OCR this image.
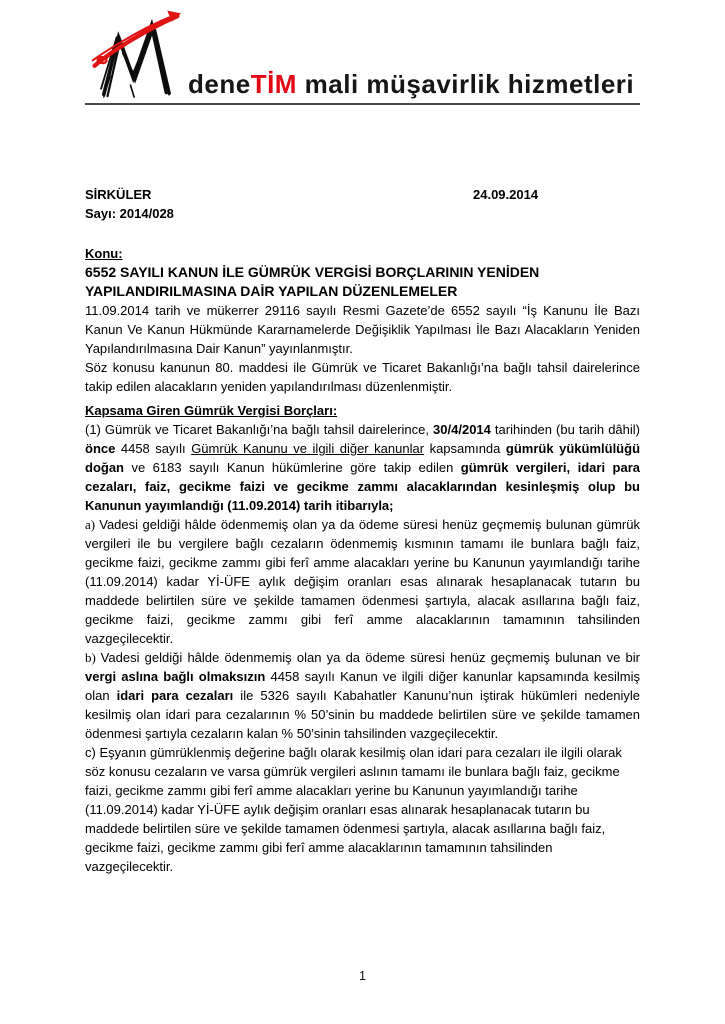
deneTİM mali müşavirlik hizmetleri
SİRKÜLER	24.09.2014
Sayı: 2014/028
Konu:
6552 SAYILI KANUN İLE GÜMRÜK VERGİSİ BORÇLARININ YENİDEN
YAPILANDIRILMASINA DAİR YAPILAN DÜZENLEMELER

11.09.2014 tarih ve mükerrer 29116 sayılı Resmi Gazete’de 6552 sayılı “İş Kanunu İle Bazı Kanun Ve Kanun Hükmünde Kararnamelerde Değişiklik Yapılması İle Bazı Alacakların Yeniden Yapılandırılmasına Dair Kanun” yayınlanmıştır.

Söz konusu kanunun 80. maddesi ile Gümrük ve Ticaret Bakanlığı’na bağlı tahsil dairelerince takip edilen alacakların yeniden yapılandırılması düzenlenmiştir.

Kapsama Giren Gümrük Vergisi Borçları:

(1) Gümrük ve Ticaret Bakanlığı’na bağlı tahsil dairelerince, 30/4/2014 tarihinden (bu tarih dâhil) önce 4458 sayılı Gümrük Kanunu ve ilgili diğer kanunlar kapsamında gümrük yükümlülüğü doğan ve 6183 sayılı Kanun hükümlerine göre takip edilen gümrük vergileri, idari para cezaları, faiz, gecikme faizi ve gecikme zammı alacaklarından kesinleşmiş olup bu Kanunun yayımlandığı (11.09.2014) tarih itibarıyla;

a) Vadesi geldiği hâlde ödenmemiş olan ya da ödeme süresi henüz geçmemiş bulunan gümrük vergileri ile bu vergilere bağlı cezaların ödenmemiş kısmının tamamı ile bunlara bağlı faiz, gecikme faizi, gecikme zammı gibi ferî amme alacakları yerine bu Kanunun yayımlandığı tarihe (11.09.2014) kadar Yİ-ÜFE aylık değişim oranları esas alınarak hesaplanacak tutarın bu maddede belirtilen süre ve şekilde tamamen ödenmesi şartıyla, alacak asıllarına bağlı faiz, gecikme faizi, gecikme zammı gibi ferî amme alacaklarının tamamının tahsilinden vazgeçilecektir.

b) Vadesi geldiği hâlde ödenmemiş olan ya da ödeme süresi henüz geçmemiş bulunan ve bir vergi aslına bağlı olmaksızın 4458 sayılı Kanun ve ilgili diğer kanunlar kapsamında kesilmiş olan idari para cezaları ile 5326 sayılı Kabahatler Kanunu’nun iştirak hükümleri nedeniyle kesilmiş olan idari para cezalarının % 50’sinin bu maddede belirtilen süre ve şekilde tamamen ödenmesi şartıyla cezaların kalan % 50’sinin tahsilinden vazgeçilecektir.

c) Eşyanın gümrüklenmiş değerine bağlı olarak kesilmiş olan idari para cezaları ile ilgili olarak söz konusu cezaların ve varsa gümrük vergileri aslının tamamı ile bunlara bağlı faiz, gecikme faizi, gecikme zammı gibi ferî amme alacakları yerine bu Kanunun yayımlandığı tarihe (11.09.2014) kadar Yİ-ÜFE aylık değişim oranları esas alınarak hesaplanacak tutarın bu maddede belirtilen süre ve şekilde tamamen ödenmesi şartıyla, alacak asıllarına bağlı faiz, gecikme faizi, gecikme zammı gibi ferî amme alacaklarının tamamının tahsilinden vazgeçilecektir.

1
